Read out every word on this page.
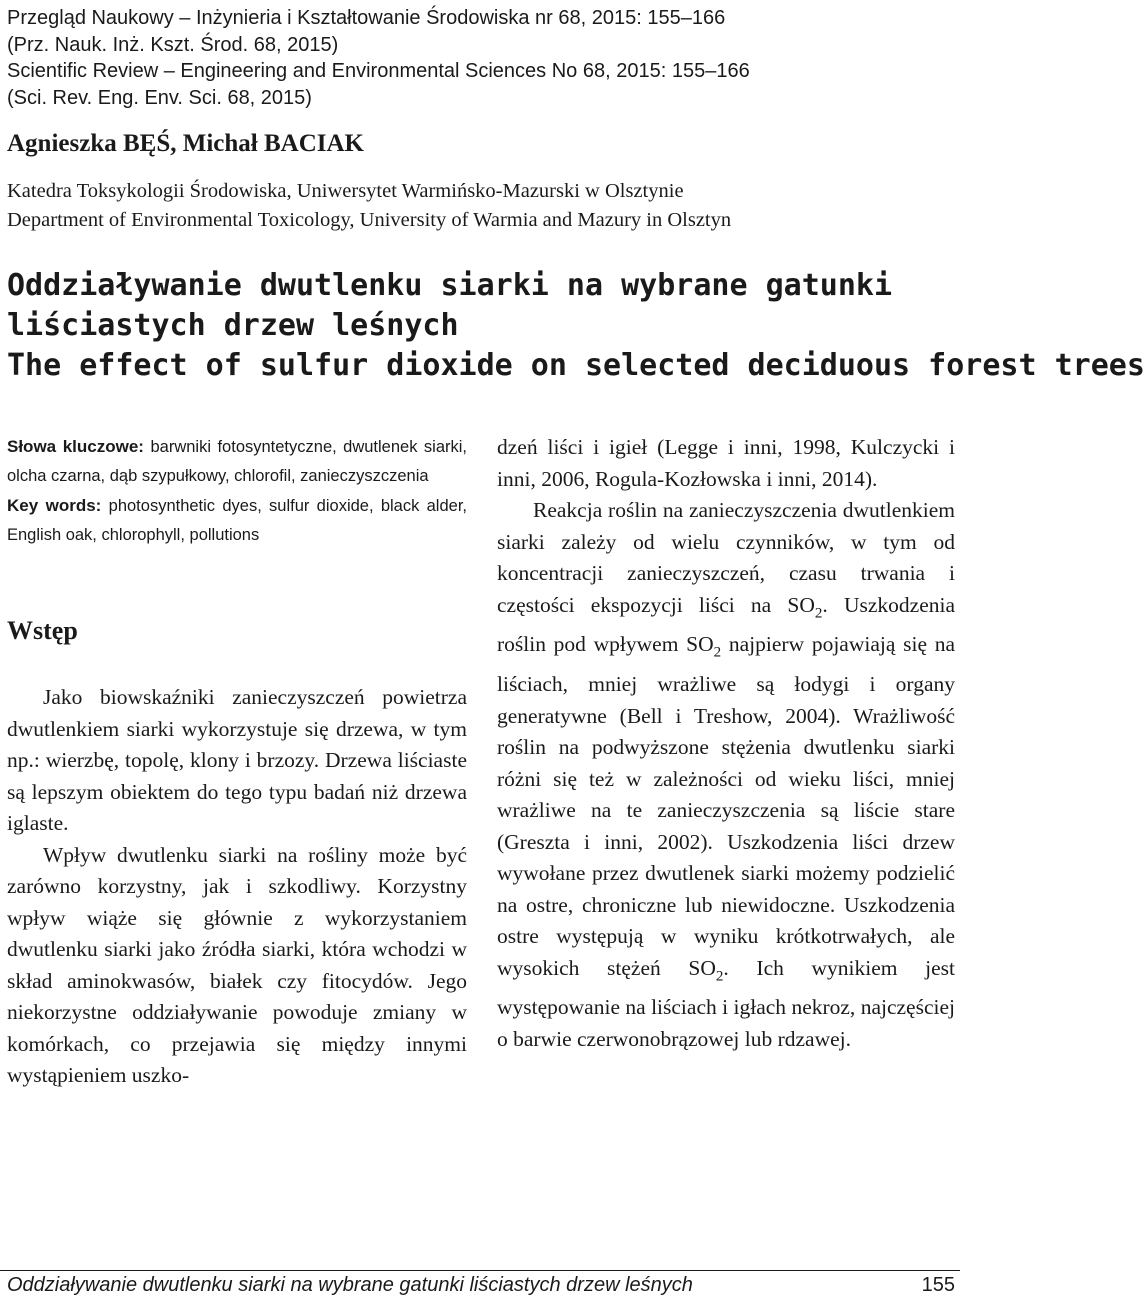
Przegląd Naukowy – Inżynieria i Kształtowanie Środowiska nr 68, 2015: 155–166
(Prz. Nauk. Inż. Kszt. Środ. 68, 2015)
Scientific Review – Engineering and Environmental Sciences No 68, 2015: 155–166
(Sci. Rev. Eng. Env. Sci. 68, 2015)
Agnieszka BĘŚ, Michał BACIAK
Katedra Toksykologii Środowiska, Uniwersytet Warmińsko-Mazurski w Olsztynie
Department of Environmental Toxicology, University of Warmia and Mazury in Olsztyn
Oddziaływanie dwutlenku siarki na wybrane gatunki
liściastych drzew leśnych
The effect of sulfur dioxide on selected deciduous forest trees

Słowa kluczowe: barwniki fotosyntetyczne, dwutlenek siarki, olcha czarna, dąb szypułkowy, chlorofil, zanieczyszczenia

Key words: photosynthetic dyes, sulfur dioxide, black alder, English oak, chlorophyll, pollutions

Wstęp

Jako biowskaźniki zanieczyszczeń powietrza dwutlenkiem siarki wykorzystuje się drzewa, w tym np.: wierzbę, topolę, klony i brzozy. Drzewa liściaste są lepszym obiektem do tego typu badań niż drzewa iglaste.

Wpływ dwutlenku siarki na rośliny może być zarówno korzystny, jak i szkodliwy. Korzystny wpływ wiąże się głównie z wykorzystaniem dwutlenku siarki jako źródła siarki, która wchodzi w skład aminokwasów, białek czy fitocydów. Jego niekorzystne oddziaływanie powoduje zmiany w komórkach, co przejawia się między innymi wystąpieniem uszko-

dzeń liści i igieł (Legge i inni, 1998, Kulczycki i inni, 2006, Rogula-Kozłowska i inni, 2014).

Reakcja roślin na zanieczyszczenia dwutlenkiem siarki zależy od wielu czynników, w tym od koncentracji zanieczyszczeń, czasu trwania i częstości ekspozycji liści na $SO_2$. Uszkodzenia roślin pod wpływem $SO_2$ najpierw pojawiają się na liściach, mniej wrażliwe są łodygi i organy generatywne (Bell i Treshow, 2004). Wrażliwość roślin na podwyższone stężenia dwutlenku siarki różni się też w zależności od wieku liści, mniej wrażliwe na te zanieczyszczenia są liście stare (Greszta i inni, 2002). Uszkodzenia liści drzew wywołane przez dwutlenek siarki możemy podzielić na ostre, chroniczne lub niewidoczne. Uszkodzenia ostre występują w wyniku krótkotrwałych, ale wysokich stężeń $SO_2$. Ich wynikiem jest występowanie na liściach i igłach nekroz, najczęściej o barwie czerwonobrązowej lub rdzawej.

Oddziaływanie dwutlenku siarki na wybrane gatunki liściastych drzew leśnych	155
